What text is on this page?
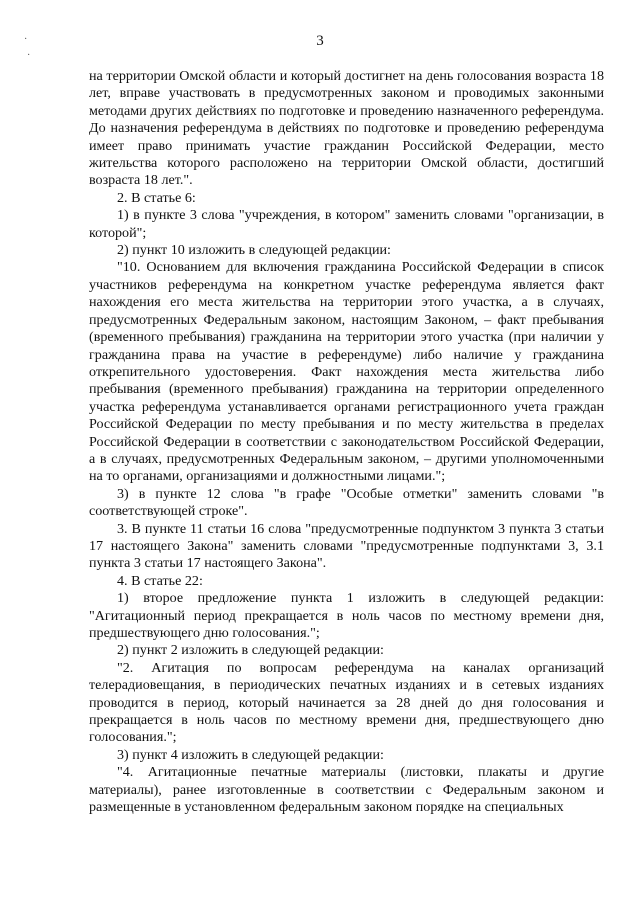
·
·
3

на территории Омской области и который достигнет на день голосования возраста 18 лет, вправе участвовать в предусмотренных законом и проводимых законными методами других действиях по подготовке и проведению назначенного референдума. До назначения референдума в действиях по подготовке и проведению референдума имеет право принимать участие гражданин Российской Федерации, место жительства которого расположено на территории Омской области, достигший возраста 18 лет.".

2. В статье 6:

1) в пункте 3 слова "учреждения, в котором" заменить словами "организации, в которой";

2) пункт 10 изложить в следующей редакции:

"10. Основанием для включения гражданина Российской Федерации в список участников референдума на конкретном участке референдума является факт нахождения его места жительства на территории этого участка, а в случаях, предусмотренных Федеральным законом, настоящим Законом, – факт пребывания (временного пребывания) гражданина на территории этого участка (при наличии у гражданина права на участие в референдуме) либо наличие у гражданина открепительного удостоверения. Факт нахождения места жительства либо пребывания (временного пребывания) гражданина на территории определенного участка референдума устанавливается органами регистрационного учета граждан Российской Федерации по месту пребывания и по месту жительства в пределах Российской Федерации в соответствии с законодательством Российской Федерации, а в случаях, предусмотренных Федеральным законом, – другими уполномоченными на то органами, организациями и должностными лицами.";

3) в пункте 12 слова "в графе "Особые отметки" заменить словами "в соответствующей строке".

3. В пункте 11 статьи 16 слова "предусмотренные подпунктом 3 пункта 3 статьи 17 настоящего Закона" заменить словами "предусмотренные подпунктами 3, 3.1 пункта 3 статьи 17 настоящего Закона".

4. В статье 22:

1) второе предложение пункта 1 изложить в следующей редакции: "Агитационный период прекращается в ноль часов по местному времени дня, предшествующего дню голосования.";

2) пункт 2 изложить в следующей редакции:

"2. Агитация по вопросам референдума на каналах организаций телерадиовещания, в периодических печатных изданиях и в сетевых изданиях проводится в период, который начинается за 28 дней до дня голосования и прекращается в ноль часов по местному времени дня, предшествующего дню голосования.";

3) пункт 4 изложить в следующей редакции:

"4. Агитационные печатные материалы (листовки, плакаты и другие материалы), ранее изготовленные в соответствии с Федеральным законом и размещенные в установленном федеральным законом порядке на специальных
